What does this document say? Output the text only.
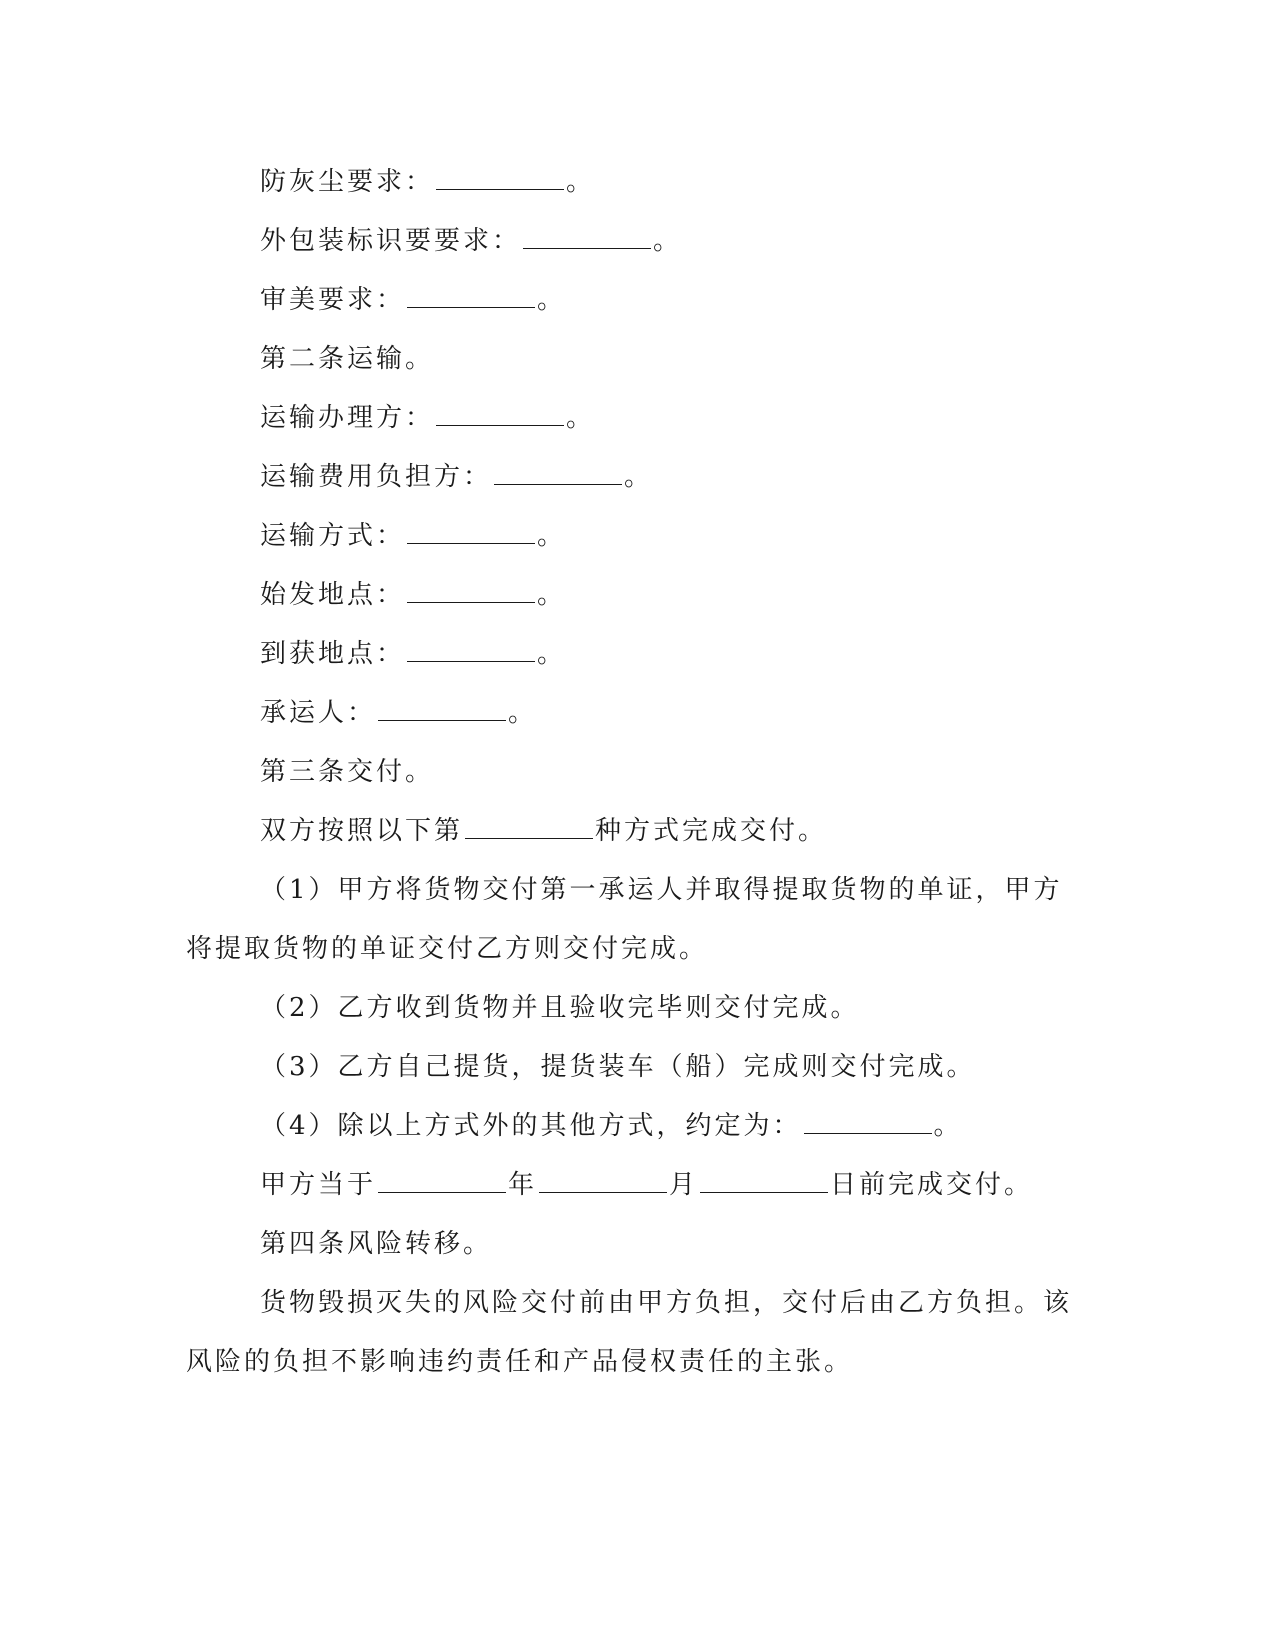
防灰尘要求：	。
外包装标识要要求：	。
审美要求：	。
第二条运输。
运输办理方：	。
运输费用负担方：	。
运输方式：	。
始发地点：	。
到获地点：	。
承运人：	。
第三条交付。
双方按照以下第	种方式完成交付。
（1）甲方将货物交付第一承运人并取得提取货物的单证，甲方
将提取货物的单证交付乙方则交付完成。
（2）乙方收到货物并且验收完毕则交付完成。
（3）乙方自己提货，提货装车（船）完成则交付完成。
（4）除以上方式外的其他方式，约定为：	。
甲方当于	年	月	日前完成交付。
第四条风险转移。
货物毁损灭失的风险交付前由甲方负担，交付后由乙方负担。该
风险的负担不影响违约责任和产品侵权责任的主张。
